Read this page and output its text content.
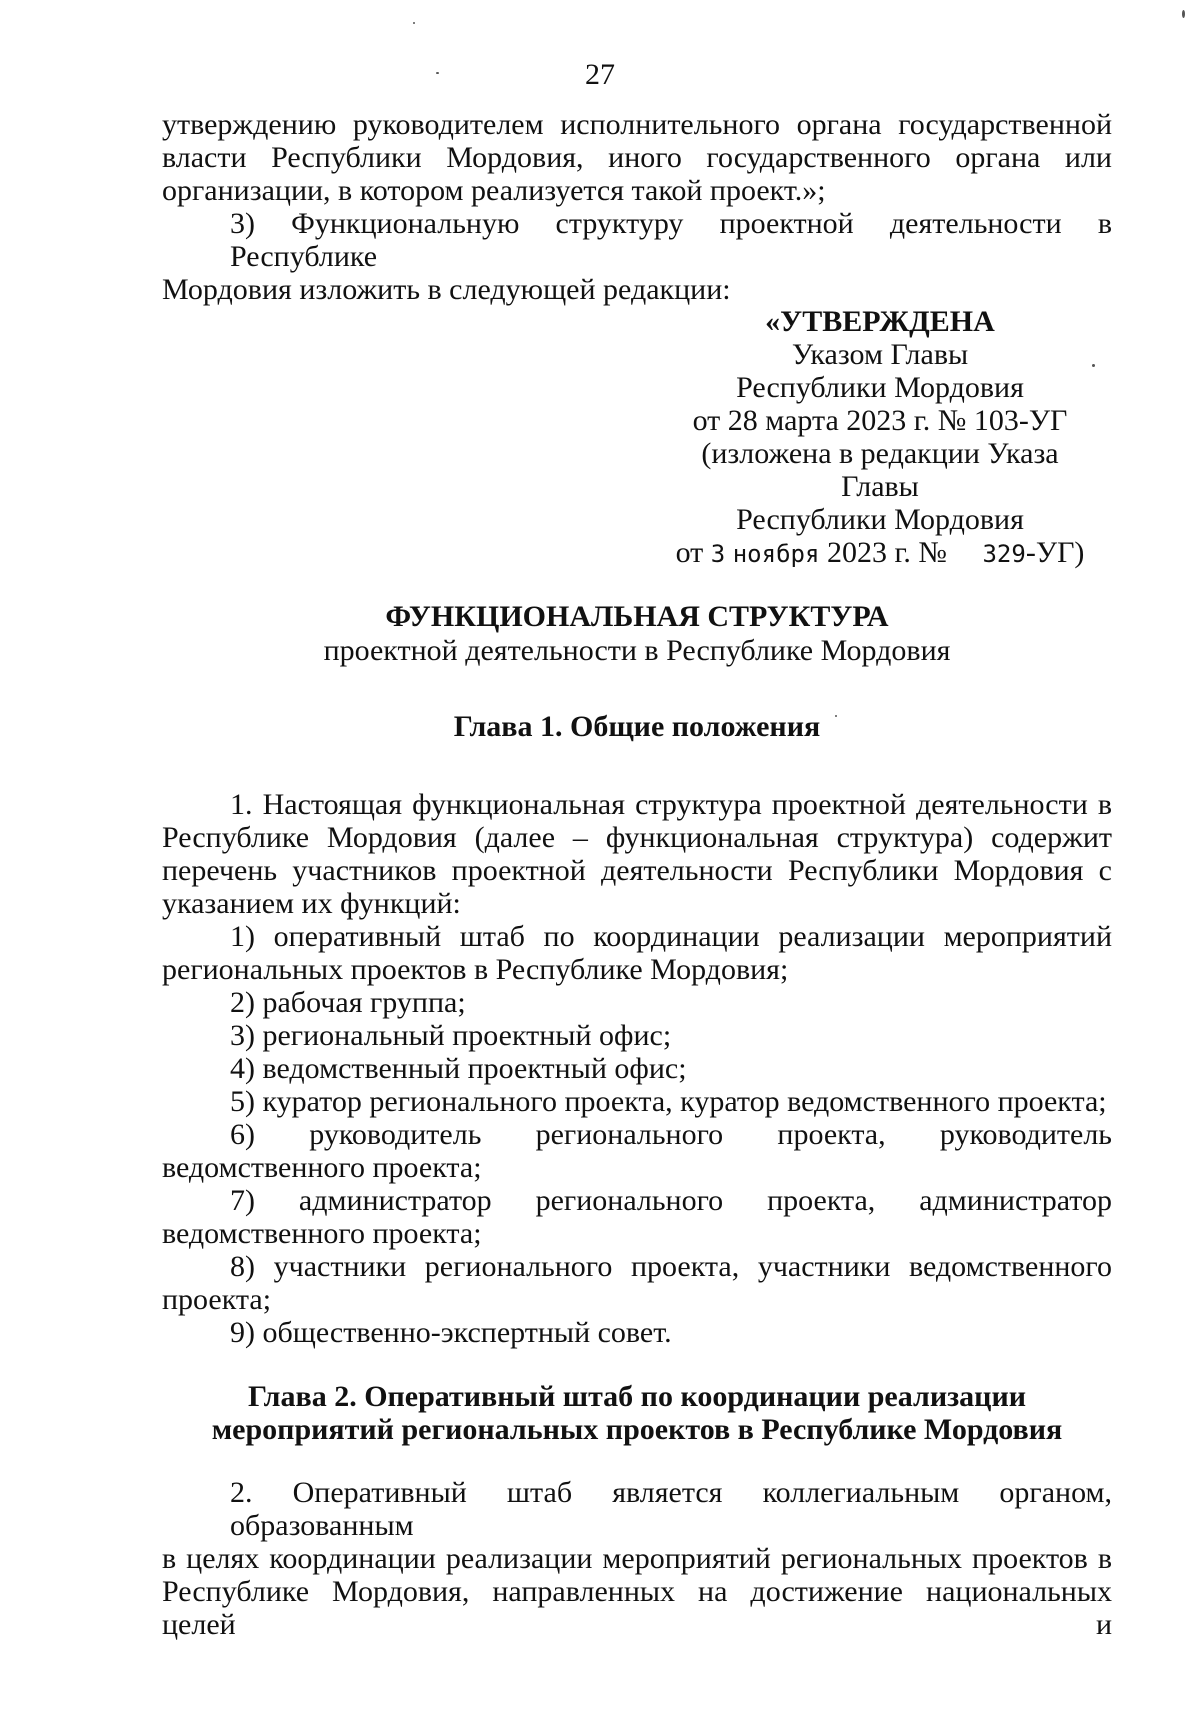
27
утверждению руководителем исполнительного органа государственной
власти Республики Мордовия, иного государственного органа или
организации, в котором реализуется такой проект.»;
3) Функциональную структуру проектной деятельности в Республике
Мордовия изложить в следующей редакции:
«УТВЕРЖДЕНА
Указом Главы
Республики Мордовия
от 28 марта 2023 г. № 103-УГ
(изложена в редакции Указа Главы
Республики Мордовия
от 3 ноября 2023 г. № 329-УГ)
ФУНКЦИОНАЛЬНАЯ СТРУКТУРА
проектной деятельности в Республике Мордовия
Глава 1. Общие положения
1. Настоящая функциональная структура проектной деятельности в
Республике Мордовия (далее – функциональная структура) содержит
перечень участников проектной деятельности Республики Мордовия с
указанием их функций:
1) оперативный штаб по координации реализации мероприятий
региональных проектов в Республике Мордовия;
2) рабочая группа;
3) региональный проектный офис;
4) ведомственный проектный офис;
5) куратор регионального проекта, куратор ведомственного проекта;
6) руководитель регионального проекта, руководитель
ведомственного проекта;
7) администратор регионального проекта, администратор
ведомственного проекта;
8) участники регионального проекта, участники ведомственного
проекта;
9) общественно-экспертный совет.
Глава 2. Оперативный штаб по координации реализации
мероприятий региональных проектов в Республике Мордовия
2. Оперативный штаб является коллегиальным органом, образованным
в целях координации реализации мероприятий региональных проектов в
Республике Мордовия, направленных на достижение национальных целей и
